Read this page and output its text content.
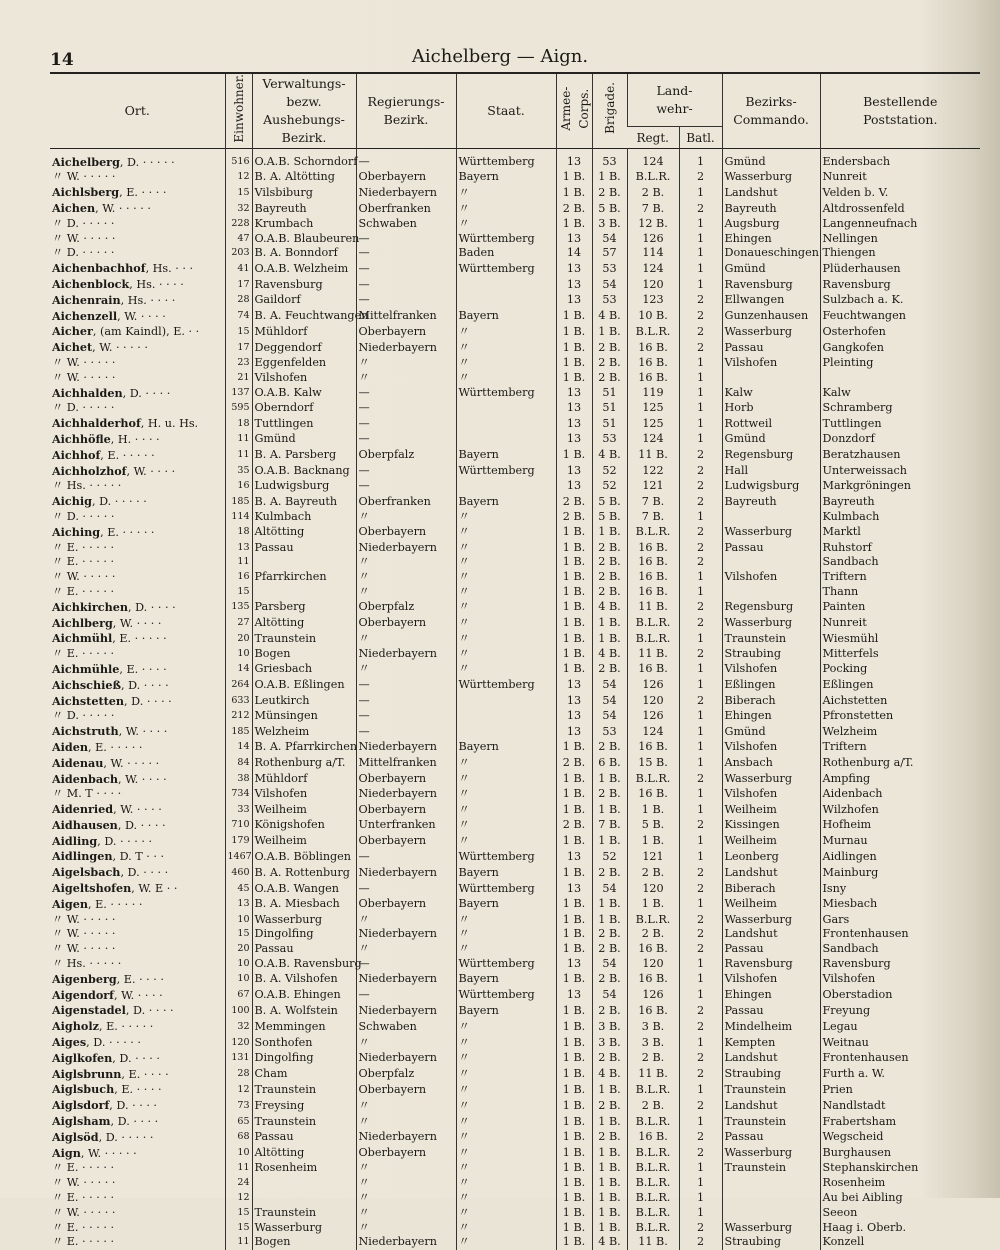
14	Aichelberg — Aign.
Ort.	Einwohner.	Verwaltungs-
bezw. Aushebungs-
Bezirk.	Regierungs-
Bezirk.	Staat.	Armee-Corps.	Brigade.	Land-
wehr-		Bezirks-
Commando.	Bestellende
Poststation.
							Regt.	Batl.		
Aichelberg, D. · · · · ·	516	O.A.B. Schorndorf	—	Württemberg	13	53	124	1	Gmünd	Endersbach
〃 W. · · · · ·	12	B. A. Altötting	Oberbayern	Bayern	1 B.	1 B.	B.L.R.	2	Wasserburg	Nunreit
Aichlsberg, E. · · · ·	15	Vilsbiburg	Niederbayern	〃	1 B.	2 B.	2 B.	1	Landshut	Velden b. V.
Aichen, W. · · · · ·	32	Bayreuth	Oberfranken	〃	2 B.	5 B.	7 B.	2	Bayreuth	Altdrossenfeld
〃 D. · · · · ·	228	Krumbach	Schwaben	〃	1 B.	3 B.	12 B.	1	Augsburg	Langenneufnach
〃 W. · · · · ·	47	O.A.B. Blaubeuren	—	Württemberg	13	54	126	1	Ehingen	Nellingen
〃 D. · · · · ·	203	B. A. Bonndorf	—	Baden	14	57	114	1	Donaueschingen	Thiengen
Aichenbachhof, Hs. · · ·	41	O.A.B. Welzheim	—	Württemberg	13	53	124	1	Gmünd	Plüderhausen
Aichenblock, Hs. · · · ·	17	Ravensburg	—		13	54	120	1	Ravensburg	Ravensburg
Aichenrain, Hs. · · · ·	28	Gaildorf	—		13	53	123	2	Ellwangen	Sulzbach a. K.
Aichenzell, W. · · · ·	74	B. A. Feuchtwangen	Mittelfranken	Bayern	1 B.	4 B.	10 B.	2	Gunzenhausen	Feuchtwangen
Aicher, (am Kaindl), E. · ·	15	Mühldorf	Oberbayern	〃	1 B.	1 B.	B.L.R.	2	Wasserburg	Osterhofen
Aichet, W. · · · · ·	17	Deggendorf	Niederbayern	〃	1 B.	2 B.	16 B.	2	Passau	Gangkofen
〃 W. · · · · ·	23	Eggenfelden	〃	〃	1 B.	2 B.	16 B.	1	Vilshofen	Pleinting
〃 W. · · · · ·	21	Vilshofen	〃	〃	1 B.	2 B.	16 B.	1		
Aichhalden, D. · · · ·	137	O.A.B. Kalw	—	Württemberg	13	51	119	1	Kalw	Kalw
〃 D. · · · · ·	595	Oberndorf	—		13	51	125	1	Horb	Schramberg
Aichhalderhof, H. u. Hs.	18	Tuttlingen	—		13	51	125	1	Rottweil	Tuttlingen
Aichhöfle, H. · · · ·	11	Gmünd	—		13	53	124	1	Gmünd	Donzdorf
Aichhof, E. · · · · ·	11	B. A. Parsberg	Oberpfalz	Bayern	1 B.	4 B.	11 B.	2	Regensburg	Beratzhausen
Aichholzhof, W. · · · ·	35	O.A.B. Backnang	—	Württemberg	13	52	122	2	Hall	Unterweissach
〃 Hs. · · · · ·	16	Ludwigsburg	—		13	52	121	2	Ludwigsburg	Markgröningen
Aichig, D. · · · · ·	185	B. A. Bayreuth	Oberfranken	Bayern	2 B.	5 B.	7 B.	2	Bayreuth	Bayreuth
〃 D. · · · · ·	114	Kulmbach	〃	〃	2 B.	5 B.	7 B.	1		Kulmbach
Aiching, E. · · · · ·	18	Altötting	Oberbayern	〃	1 B.	1 B.	B.L.R.	2	Wasserburg	Marktl
〃 E. · · · · ·	13	Passau	Niederbayern	〃	1 B.	2 B.	16 B.	2	Passau	Ruhstorf
〃 E. · · · · ·	11		〃	〃	1 B.	2 B.	16 B.	2		Sandbach
〃 W. · · · · ·	16	Pfarrkirchen	〃	〃	1 B.	2 B.	16 B.	1	Vilshofen	Triftern
〃 E. · · · · ·	15		〃	〃	1 B.	2 B.	16 B.	1		Thann
Aichkirchen, D. · · · ·	135	Parsberg	Oberpfalz	〃	1 B.	4 B.	11 B.	2	Regensburg	Painten
Aichlberg, W. · · · ·	27	Altötting	Oberbayern	〃	1 B.	1 B.	B.L.R.	2	Wasserburg	Nunreit
Aichmühl, E. · · · · ·	20	Traunstein	〃	〃	1 B.	1 B.	B.L.R.	1	Traunstein	Wiesmühl
〃 E. · · · · ·	10	Bogen	Niederbayern	〃	1 B.	4 B.	11 B.	2	Straubing	Mitterfels
Aichmühle, E. · · · ·	14	Griesbach	〃	〃	1 B.	2 B.	16 B.	1	Vilshofen	Pocking
Aichschieß, D. · · · ·	264	O.A.B. Eßlingen	—	Württemberg	13	54	126	1	Eßlingen	Eßlingen
Aichstetten, D. · · · ·	633	Leutkirch	—		13	54	120	2	Biberach	Aichstetten
〃 D. · · · · ·	212	Münsingen	—		13	54	126	1	Ehingen	Pfronstetten
Aichstruth, W. · · · ·	185	Welzheim	—		13	53	124	1	Gmünd	Welzheim
Aiden, E. · · · · ·	14	B. A. Pfarrkirchen	Niederbayern	Bayern	1 B.	2 B.	16 B.	1	Vilshofen	Triftern
Aidenau, W. · · · · ·	84	Rothenburg a/T.	Mittelfranken	〃	2 B.	6 B.	15 B.	1	Ansbach	Rothenburg a/T.
Aidenbach, W. · · · ·	38	Mühldorf	Oberbayern	〃	1 B.	1 B.	B.L.R.	2	Wasserburg	Ampfing
〃 M. T · · · ·	734	Vilshofen	Niederbayern	〃	1 B.	2 B.	16 B.	1	Vilshofen	Aidenbach
Aidenried, W. · · · ·	33	Weilheim	Oberbayern	〃	1 B.	1 B.	1 B.	1	Weilheim	Wilzhofen
Aidhausen, D. · · · ·	710	Königshofen	Unterfranken	〃	2 B.	7 B.	5 B.	2	Kissingen	Hofheim
Aidling, D. · · · · ·	179	Weilheim	Oberbayern	〃	1 B.	1 B.	1 B.	1	Weilheim	Murnau
Aidlingen, D. T · · ·	1467	O.A.B. Böblingen	—	Württemberg	13	52	121	1	Leonberg	Aidlingen
Aigelsbach, D. · · · ·	460	B. A. Rottenburg	Niederbayern	Bayern	1 B.	2 B.	2 B.	2	Landshut	Mainburg
Aigeltshofen, W. E · ·	45	O.A.B. Wangen	—	Württemberg	13	54	120	2	Biberach	Isny
Aigen, E. · · · · ·	13	B. A. Miesbach	Oberbayern	Bayern	1 B.	1 B.	1 B.	1	Weilheim	Miesbach
〃 W. · · · · ·	10	Wasserburg	〃	〃	1 B.	1 B.	B.L.R.	2	Wasserburg	Gars
〃 W. · · · · ·	15	Dingolfing	Niederbayern	〃	1 B.	2 B.	2 B.	2	Landshut	Frontenhausen
〃 W. · · · · ·	20	Passau	〃	〃	1 B.	2 B.	16 B.	2	Passau	Sandbach
〃 Hs. · · · · ·	10	O.A.B. Ravensburg	—	Württemberg	13	54	120	1	Ravensburg	Ravensburg
Aigenberg, E. · · · ·	10	B. A. Vilshofen	Niederbayern	Bayern	1 B.	2 B.	16 B.	1	Vilshofen	Vilshofen
Aigendorf, W. · · · ·	67	O.A.B. Ehingen	—	Württemberg	13	54	126	1	Ehingen	Oberstadion
Aigenstadel, D. · · · ·	100	B. A. Wolfstein	Niederbayern	Bayern	1 B.	2 B.	16 B.	2	Passau	Freyung
Aigholz, E. · · · · ·	32	Memmingen	Schwaben	〃	1 B.	3 B.	3 B.	2	Mindelheim	Legau
Aiges, D. · · · · ·	120	Sonthofen	〃	〃	1 B.	3 B.	3 B.	1	Kempten	Weitnau
Aiglkofen, D. · · · ·	131	Dingolfing	Niederbayern	〃	1 B.	2 B.	2 B.	2	Landshut	Frontenhausen
Aiglsbrunn, E. · · · ·	28	Cham	Oberpfalz	〃	1 B.	4 B.	11 B.	2	Straubing	Furth a. W.
Aiglsbuch, E. · · · ·	12	Traunstein	Oberbayern	〃	1 B.	1 B.	B.L.R.	1	Traunstein	Prien
Aiglsdorf, D. · · · ·	73	Freysing	〃	〃	1 B.	2 B.	2 B.	2	Landshut	Nandlstadt
Aiglsham, D. · · · ·	65	Traunstein	〃	〃	1 B.	1 B.	B.L.R.	1	Traunstein	Frabertsham
Aiglsöd, D. · · · · ·	68	Passau	Niederbayern	〃	1 B.	2 B.	16 B.	2	Passau	Wegscheid
Aign, W. · · · · ·	10	Altötting	Oberbayern	〃	1 B.	1 B.	B.L.R.	2	Wasserburg	Burghausen
〃 E. · · · · ·	11	Rosenheim	〃	〃	1 B.	1 B.	B.L.R.	1	Traunstein	Stephanskirchen
〃 W. · · · · ·	24		〃	〃	1 B.	1 B.	B.L.R.	1		Rosenheim
〃 E. · · · · ·	12		〃	〃	1 B.	1 B.	B.L.R.	1		Au bei Aibling
〃 W. · · · · ·	15	Traunstein	〃	〃	1 B.	1 B.	B.L.R.	1		Seeon
〃 E. · · · · ·	15	Wasserburg	〃	〃	1 B.	1 B.	B.L.R.	2	Wasserburg	Haag i. Oberb.
〃 E. · · · · ·	11	Bogen	Niederbayern	〃	1 B.	4 B.	11 B.	2	Straubing	Konzell
